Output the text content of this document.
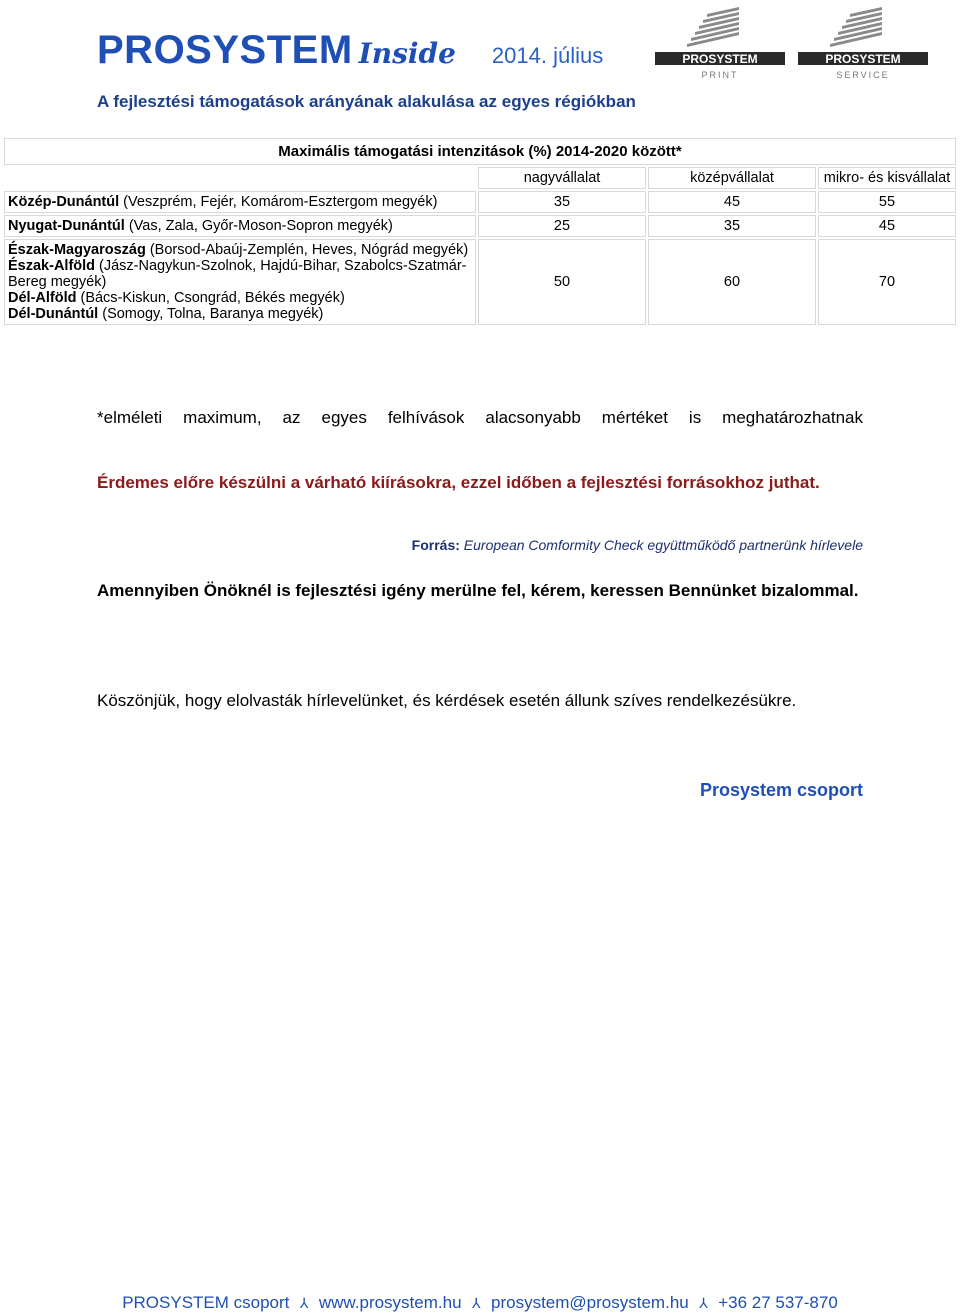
PROSYSTEM Inside 2014. július
A fejlesztési támogatások arányának alakulása az egyes régiókban
PROSYSTEM
PRINT
PROSYSTEM
SERVICE
Maximális támogatási intenzitások (%) 2014-2020 között*			
	nagyvállalat	középvállalat	mikro- és kisvállalat
Közép-Dunántúl (Veszprém, Fejér, Komárom-Esztergom megyék)	35	45	55
Nyugat-Dunántúl (Vas, Zala, Győr-Moson-Sopron megyék)	25	35	45

Észak-Magyaroszág (Borsod-Abaúj-Zemplén, Heves, Nógrád megyék)
Észak-Alföld (Jász-Nagykun-Szolnok, Hajdú-Bihar, Szabolcs-Szatmár-Bereg megyék)
Dél-Alföld (Bács-Kiskun, Csongrád, Békés megyék)
Dél-Dunántúl (Somogy, Tolna, Baranya megyék)	50	60	70
*elméleti maximum, az egyes felhívások alacsonyabb mértéket is meghatározhatnak
Érdemes előre készülni a várható kiírásokra, ezzel időben a fejlesztési forrásokhoz juthat.
Forrás: European Comformity Check együttműködő partnerünk hírlevele
Amennyiben Önöknél is fejlesztési igény merülne fel, kérem, keressen Bennünket bizalommal.
Köszönjük, hogy elolvasták hírlevelünket, és kérdések esetén állunk szíves rendelkezésükre.
Prosystem csoport
PROSYSTEM csoport ⅄ www.prosystem.hu ⅄ prosystem@prosystem.hu ⅄ +36 27 537-870
